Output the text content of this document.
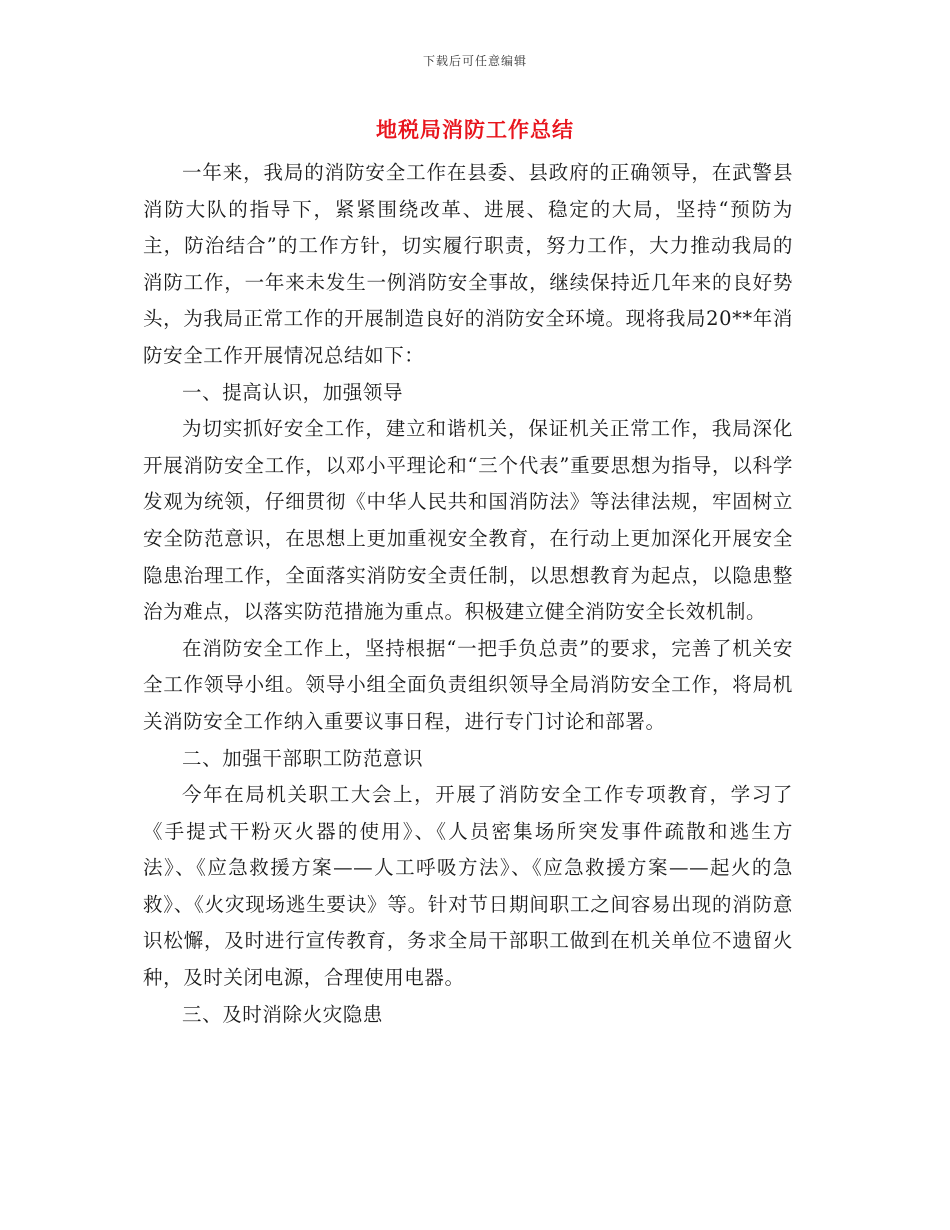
下载后可任意编辑
地税局消防工作总结

一年来，我局的消防安全工作在县委、县政府的正确领导，在武警县消防大队的指导下，紧紧围绕改革、进展、稳定的大局，坚持“预防为主，防治结合”的工作方针，切实履行职责，努力工作，大力推动我局的消防工作，一年来未发生一例消防安全事故，继续保持近几年来的良好势头，为我局正常工作的开展制造良好的消防安全环境。现将我局20**年消防安全工作开展情况总结如下：

一、提高认识，加强领导

为切实抓好安全工作，建立和谐机关，保证机关正常工作，我局深化开展消防安全工作，以邓小平理论和“三个代表”重要思想为指导，以科学发观为统领，仔细贯彻《中华人民共和国消防法》等法律法规，牢固树立安全防范意识，在思想上更加重视安全教育，在行动上更加深化开展安全隐患治理工作，全面落实消防安全责任制，以思想教育为起点，以隐患整治为难点，以落实防范措施为重点。积极建立健全消防安全长效机制。

在消防安全工作上，坚持根据“一把手负总责”的要求，完善了机关安全工作领导小组。领导小组全面负责组织领导全局消防安全工作，将局机关消防安全工作纳入重要议事日程，进行专门讨论和部署。

二、加强干部职工防范意识

今年在局机关职工大会上，开展了消防安全工作专项教育，学习了《手提式干粉灭火器的使用》、《人员密集场所突发事件疏散和逃生方法》、《应急救援方案——人工呼吸方法》、《应急救援方案——起火的急救》、《火灾现场逃生要诀》等。针对节日期间职工之间容易出现的消防意识松懈，及时进行宣传教育，务求全局干部职工做到在机关单位不遗留火种，及时关闭电源，合理使用电器。

三、及时消除火灾隐患
